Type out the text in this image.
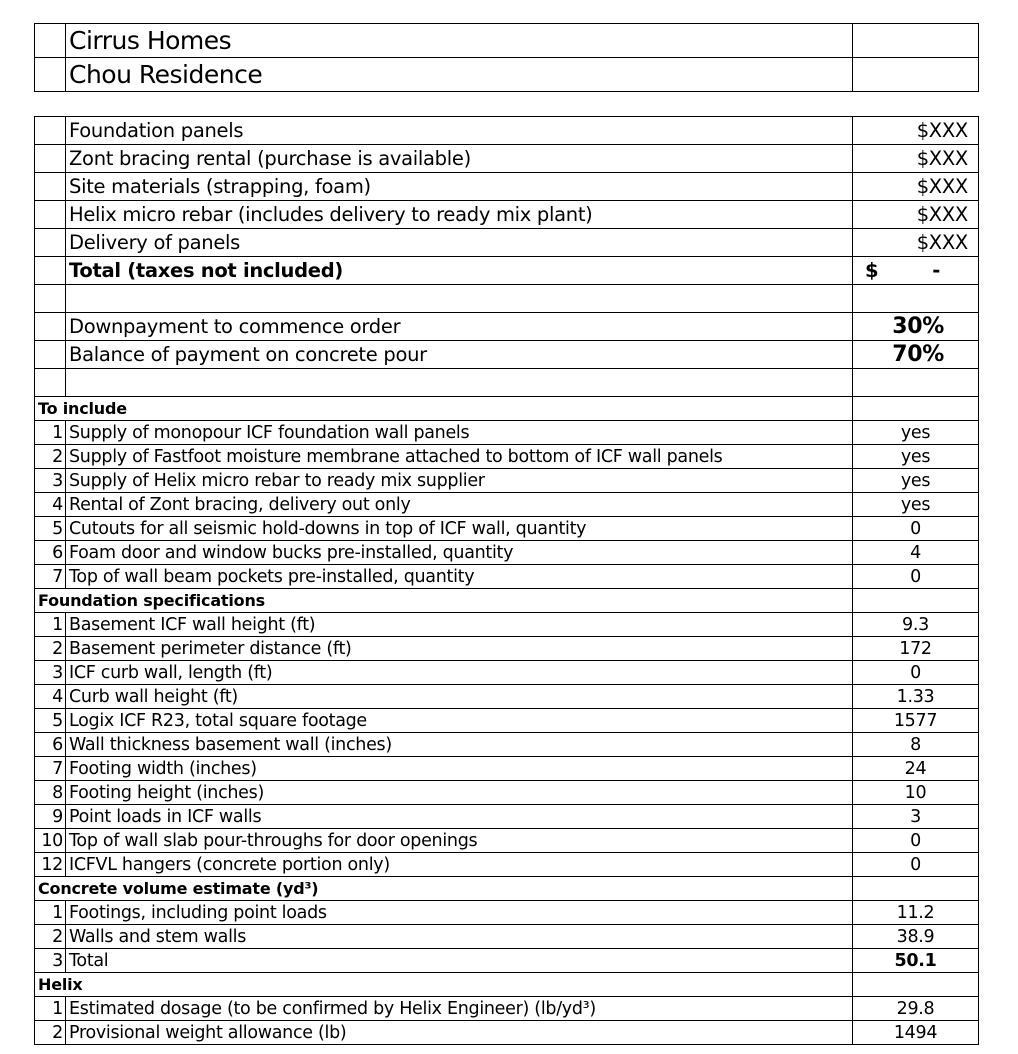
	Cirrus Homes	
	Chou Residence	
	Foundation panels	$XXX
	Zont bracing rental (purchase is available)	$XXX
	Site materials (strapping, foam)	$XXX
	Helix micro rebar (includes delivery to ready mix plant)	$XXX
	Delivery of panels	$XXX
	Total (taxes not included)	$ -

	Downpayment to commence order	30%
	Balance of payment on concrete pour	70%

To include		
1	Supply of monopour ICF foundation wall panels	yes
2	Supply of Fastfoot moisture membrane attached to bottom of ICF wall panels	yes
3	Supply of Helix micro rebar to ready mix supplier	yes
4	Rental of Zont bracing, delivery out only	yes
5	Cutouts for all seismic hold-downs in top of ICF wall, quantity	0
6	Foam door and window bucks pre-installed, quantity	4
7	Top of wall beam pockets pre-installed, quantity	0
Foundation specifications		
1	Basement ICF wall height (ft)	9.3
2	Basement perimeter distance (ft)	172
3	ICF curb wall, length (ft)	0
4	Curb wall height (ft)	1.33
5	Logix ICF R23, total square footage	1577
6	Wall thickness basement wall (inches)	8
7	Footing width (inches)	24
8	Footing height (inches)	10
9	Point loads in ICF walls	3
10	Top of wall slab pour-throughs for door openings	0
12	ICFVL hangers (concrete portion only)	0
Concrete volume estimate (yd³)		
1	Footings, including point loads	11.2
2	Walls and stem walls	38.9
3	Total	50.1
Helix		
1	Estimated dosage (to be confirmed by Helix Engineer) (lb/yd³)	29.8
2	Provisional weight allowance (lb)	1494
